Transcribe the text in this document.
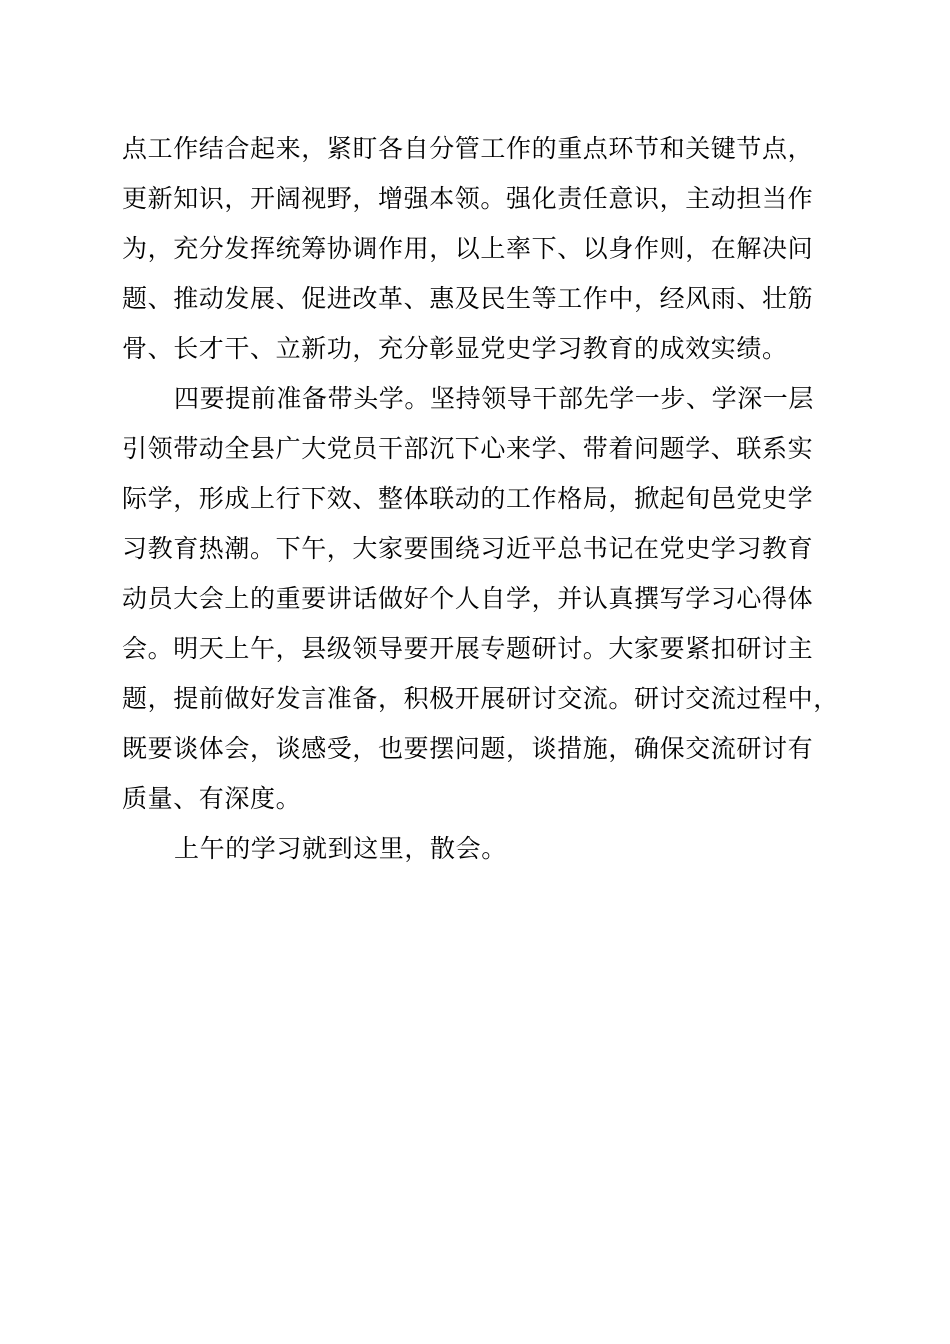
点工作结合起来，紧盯各自分管工作的重点环节和关键节点，
更新知识，开阔视野，增强本领。强化责任意识，主动担当作
为，充分发挥统筹协调作用，以上率下、以身作则，在解决问
题、推动发展、促进改革、惠及民生等工作中，经风雨、壮筋
骨、长才干、立新功，充分彰显党史学习教育的成效实绩。
四要提前准备带头学。坚持领导干部先学一步、学深一层
引领带动全县广大党员干部沉下心来学、带着问题学、联系实
际学，形成上行下效、整体联动的工作格局，掀起旬邑党史学
习教育热潮。下午，大家要围绕习近平总书记在党史学习教育
动员大会上的重要讲话做好个人自学，并认真撰写学习心得体
会。明天上午，县级领导要开展专题研讨。大家要紧扣研讨主
题，提前做好发言准备，积极开展研讨交流。研讨交流过程中，
既要谈体会，谈感受，也要摆问题，谈措施，确保交流研讨有
质量、有深度。
上午的学习就到这里，散会。
